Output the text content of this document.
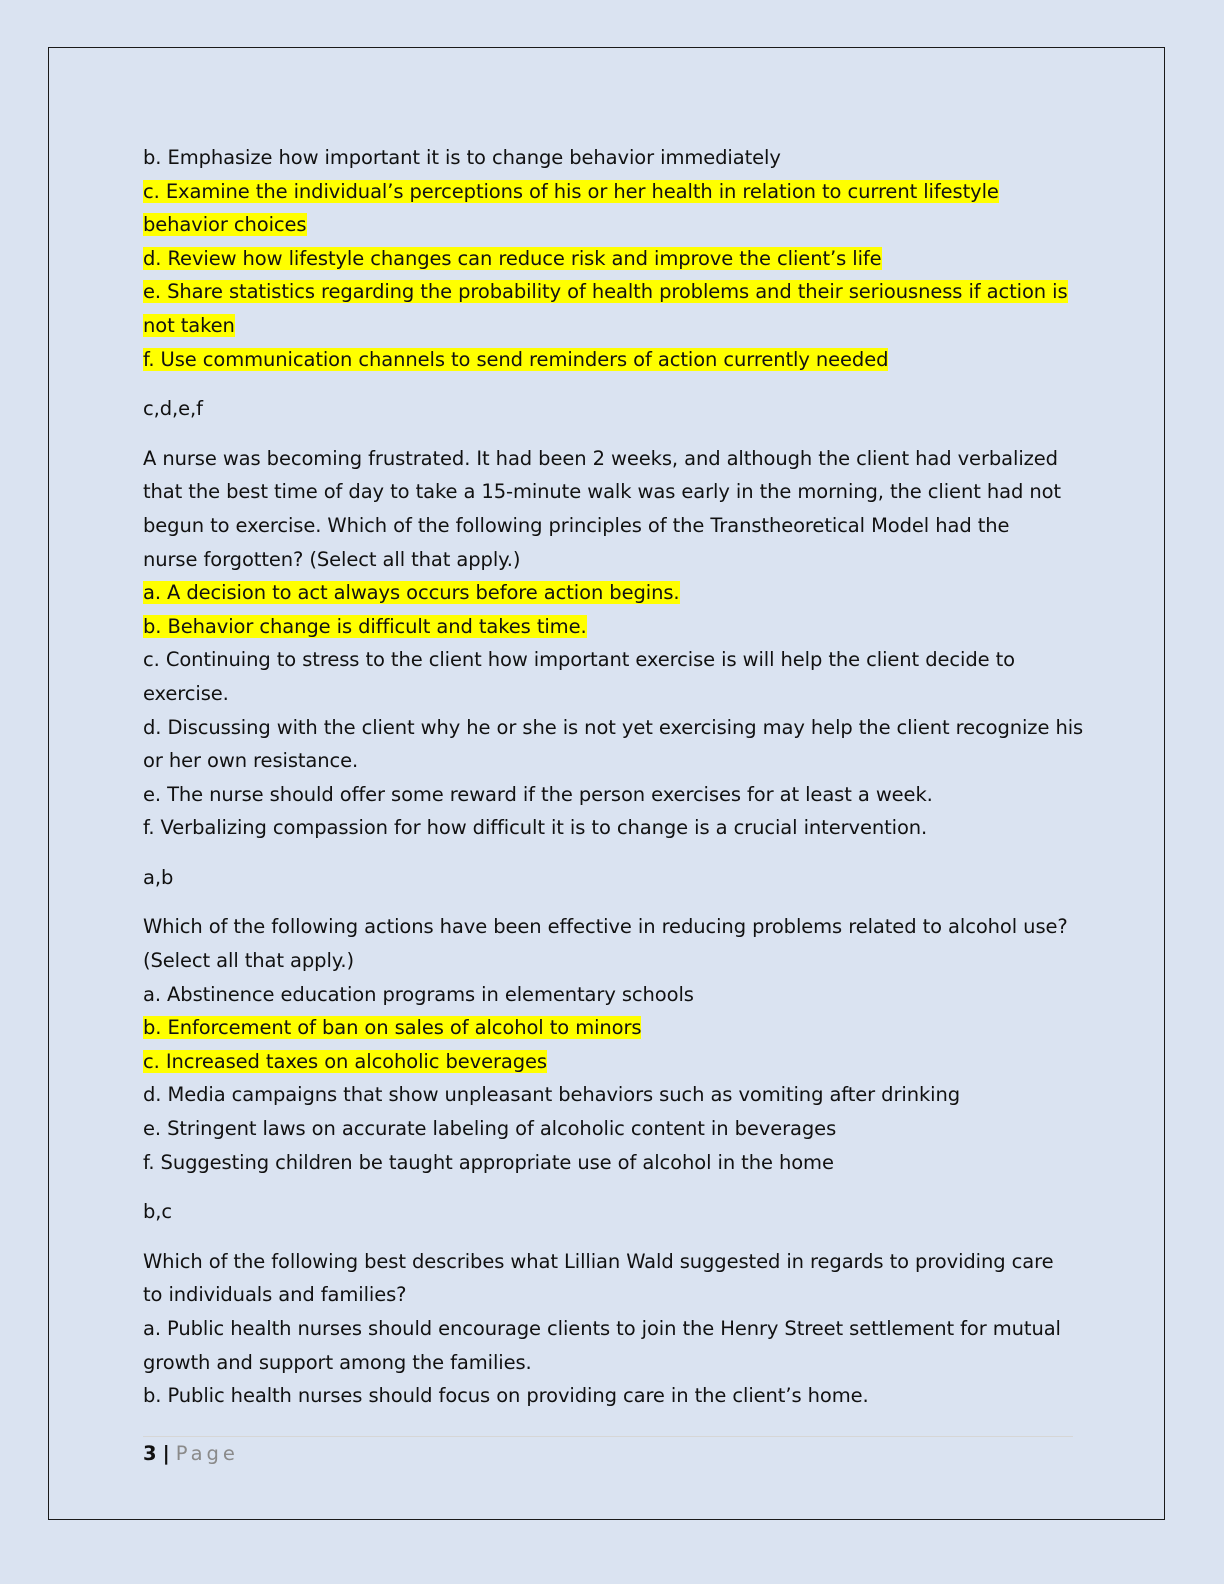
b. Emphasize how important it is to change behavior immediately
c. Examine the individual’s perceptions of his or her health in relation to current lifestyle
behavior choices
d. Review how lifestyle changes can reduce risk and improve the client’s life
e. Share statistics regarding the probability of health problems and their seriousness if action is
not taken
f. Use communication channels to send reminders of action currently needed
c,d,e,f
A nurse was becoming frustrated. It had been 2 weeks, and although the client had verbalized
that the best time of day to take a 15-minute walk was early in the morning, the client had not
begun to exercise. Which of the following principles of the Transtheoretical Model had the
nurse forgotten? (Select all that apply.)
a. A decision to act always occurs before action begins.
b. Behavior change is difficult and takes time.
c. Continuing to stress to the client how important exercise is will help the client decide to
exercise.
d. Discussing with the client why he or she is not yet exercising may help the client recognize his
or her own resistance.
e. The nurse should offer some reward if the person exercises for at least a week.
f. Verbalizing compassion for how difficult it is to change is a crucial intervention.
a,b
Which of the following actions have been effective in reducing problems related to alcohol use?
(Select all that apply.)
a. Abstinence education programs in elementary schools
b. Enforcement of ban on sales of alcohol to minors
c. Increased taxes on alcoholic beverages
d. Media campaigns that show unpleasant behaviors such as vomiting after drinking
e. Stringent laws on accurate labeling of alcoholic content in beverages
f. Suggesting children be taught appropriate use of alcohol in the home
b,c
Which of the following best describes what Lillian Wald suggested in regards to providing care
to individuals and families?
a. Public health nurses should encourage clients to join the Henry Street settlement for mutual
growth and support among the families.
b. Public health nurses should focus on providing care in the client’s home.
3 | Page
